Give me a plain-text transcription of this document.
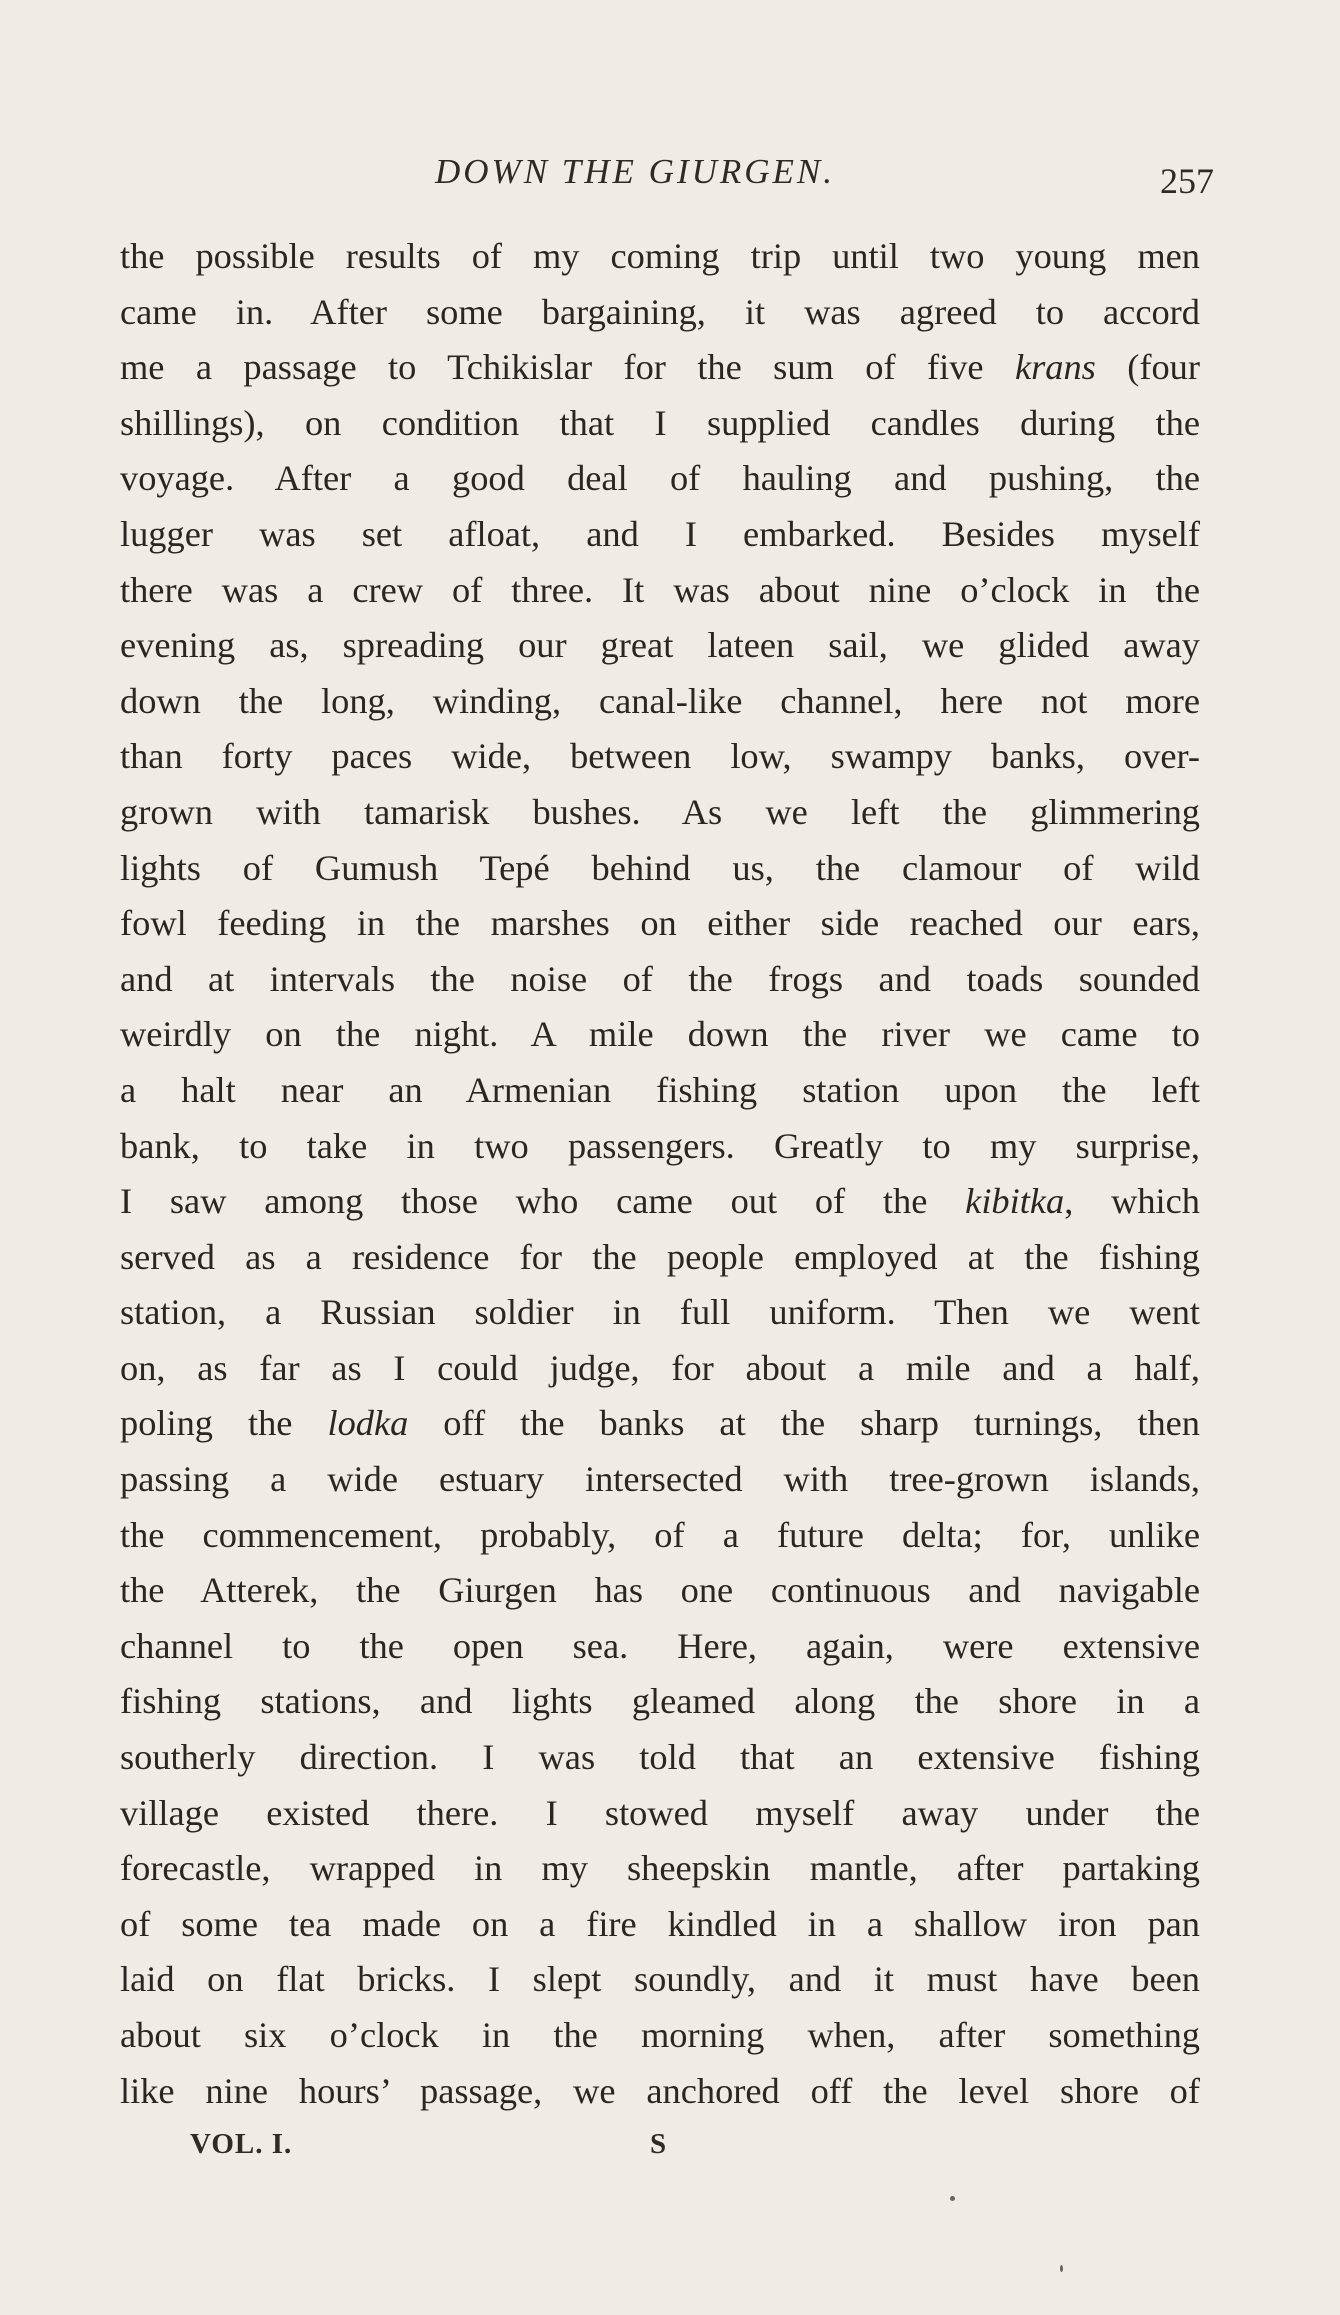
DOWN THE GIURGEN.	257
the possible results of my coming trip until two young men
came in. After some bargaining, it was agreed to accord
me a passage to Tchikislar for the sum of five krans (four
shillings), on condition that I supplied candles during the
voyage. After a good deal of hauling and pushing, the
lugger was set afloat, and I embarked. Besides myself
there was a crew of three. It was about nine o’clock in the
evening as, spreading our great lateen sail, we glided away
down the long, winding, canal-like channel, here not more
than forty paces wide, between low, swampy banks, over-
grown with tamarisk bushes. As we left the glimmering
lights of Gumush Tepé behind us, the clamour of wild
fowl feeding in the marshes on either side reached our ears,
and at intervals the noise of the frogs and toads sounded
weirdly on the night. A mile down the river we came to
a halt near an Armenian fishing station upon the left
bank, to take in two passengers. Greatly to my surprise,
I saw among those who came out of the kibitka, which
served as a residence for the people employed at the fishing
station, a Russian soldier in full uniform. Then we went
on, as far as I could judge, for about a mile and a half,
poling the lodka off the banks at the sharp turnings, then
passing a wide estuary intersected with tree-grown islands,
the commencement, probably, of a future delta; for, unlike
the Atterek, the Giurgen has one continuous and navigable
channel to the open sea. Here, again, were extensive
fishing stations, and lights gleamed along the shore in a
southerly direction. I was told that an extensive fishing
village existed there. I stowed myself away under the
forecastle, wrapped in my sheepskin mantle, after partaking
of some tea made on a fire kindled in a shallow iron pan
laid on flat bricks. I slept soundly, and it must have been
about six o’clock in the morning when, after something
like nine hours’ passage, we anchored off the level shore of
VOL. I.	S
